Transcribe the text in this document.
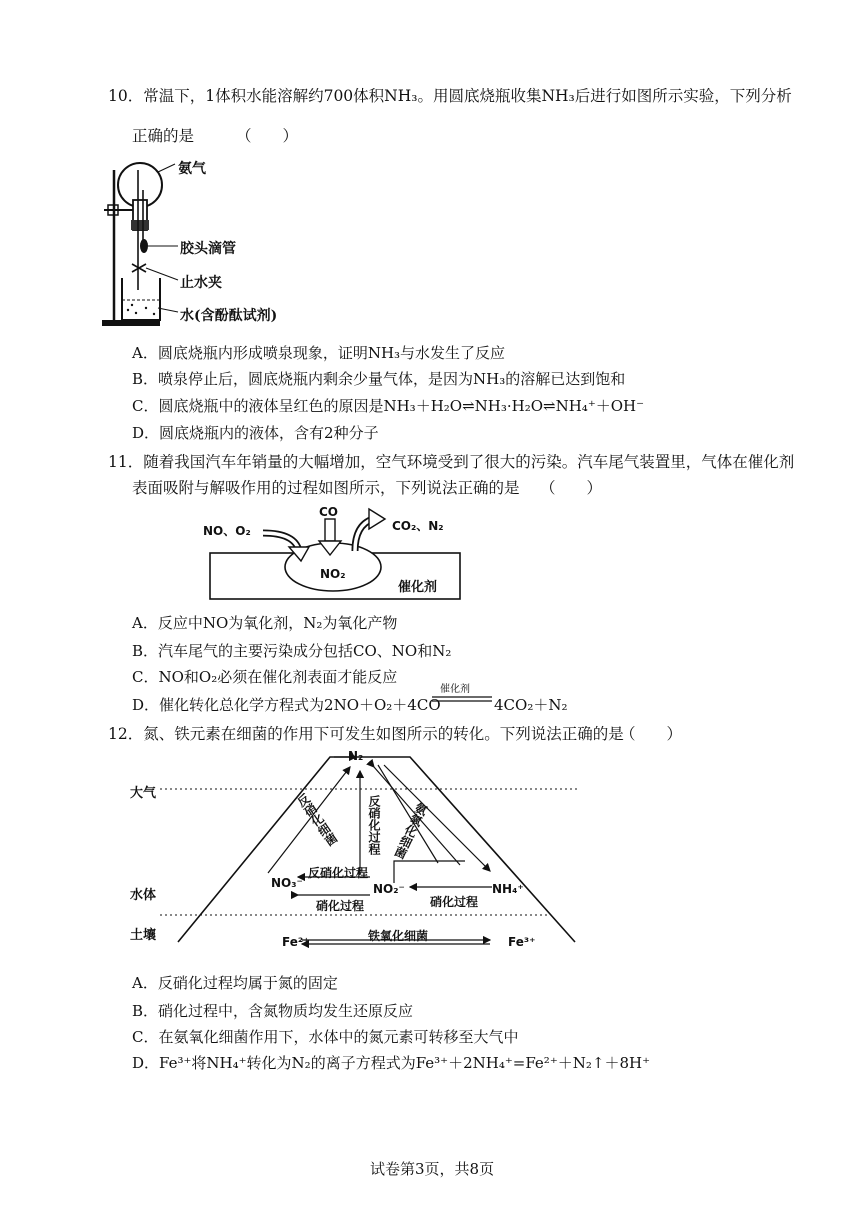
10．常温下，1体积水能溶解约700体积NH₃。用圆底烧瓶收集NH₃后进行如图所示实验，下列分析
正确的是	（　　）
氨气
胶头滴管
止水夹
水(含酚酞试剂)
A．圆底烧瓶内形成喷泉现象，证明NH₃与水发生了反应
B．喷泉停止后，圆底烧瓶内剩余少量气体，是因为NH₃的溶解已达到饱和
C．圆底烧瓶中的液体呈红色的原因是NH₃＋H₂O⇌NH₃·H₂O⇌NH₄⁺＋OH⁻
D．圆底烧瓶内的液体，含有2种分子
11．随着我国汽车年销量的大幅增加，空气环境受到了很大的污染。汽车尾气装置里，气体在催化剂
表面吸附与解吸作用的过程如图所示，下列说法正确的是 （　　）
NO、O₂
CO
CO₂、N₂
NO₂
催化剂
A．反应中NO为氧化剂，N₂为氧化产物
B．汽车尾气的主要污染成分包括CO、NO和N₂
C．NO和O₂必须在催化剂表面才能反应
D．催化转化总化学方程式为2NO＋O₂＋4CO
催化剂
4CO₂＋N₂
12．氮、铁元素在细菌的作用下可发生如图所示的转化。下列说法正确的是
（　　）
大气
水体
土壤
N₂
NO₃⁻	NO₂⁻	NH₄⁺
Fe²⁺	Fe³⁺
反硝化过程
硝化过程	硝化过程
反硝化过程
反硝化细菌	氨氧化细菌
铁氧化细菌
A．反硝化过程均属于氮的固定
B．硝化过程中，含氮物质均发生还原反应
C．在氨氧化细菌作用下，水体中的氮元素可转移至大气中
D．Fe³⁺将NH₄⁺转化为N₂的离子方程式为Fe³⁺＋2NH₄⁺=Fe²⁺＋N₂↑＋8H⁺
试卷第3页，共8页
